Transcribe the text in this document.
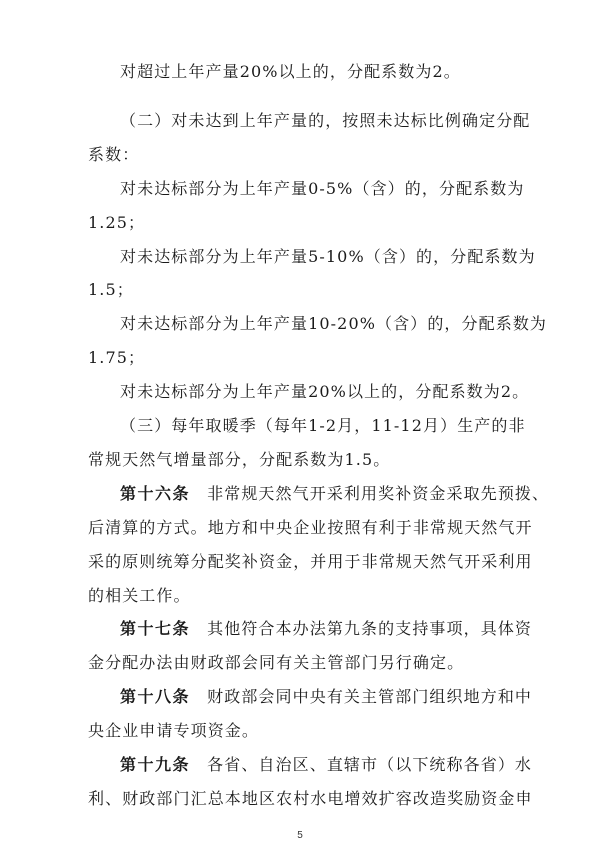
对超过上年产量20%以上的，分配系数为2。
（二）对未达到上年产量的，按照未达标比例确定分配
系数：
对未达标部分为上年产量0-5%（含）的，分配系数为
1.25；
对未达标部分为上年产量5-10%（含）的，分配系数为
1.5；
对未达标部分为上年产量10-20%（含）的，分配系数为
1.75；
对未达标部分为上年产量20%以上的，分配系数为2。
（三）每年取暖季（每年1-2月，11-12月）生产的非
常规天然气增量部分，分配系数为1.5。
第十六条　 非常规天然气开采利用奖补资金采取先预拨、
后清算的方式。地方和中央企业按照有利于非常规天然气开
采的原则统筹分配奖补资金，并用于非常规天然气开采利用
的相关工作。
第十七条　 其他符合本办法第九条的支持事项，具体资
金分配办法由财政部会同有关主管部门另行确定。
第十八条　 财政部会同中央有关主管部门组织地方和中
央企业申请专项资金。
第十九条　 各省、自治区、直辖市（以下统称各省）水
利、财政部门汇总本地区农村水电增效扩容改造奖励资金申
5
